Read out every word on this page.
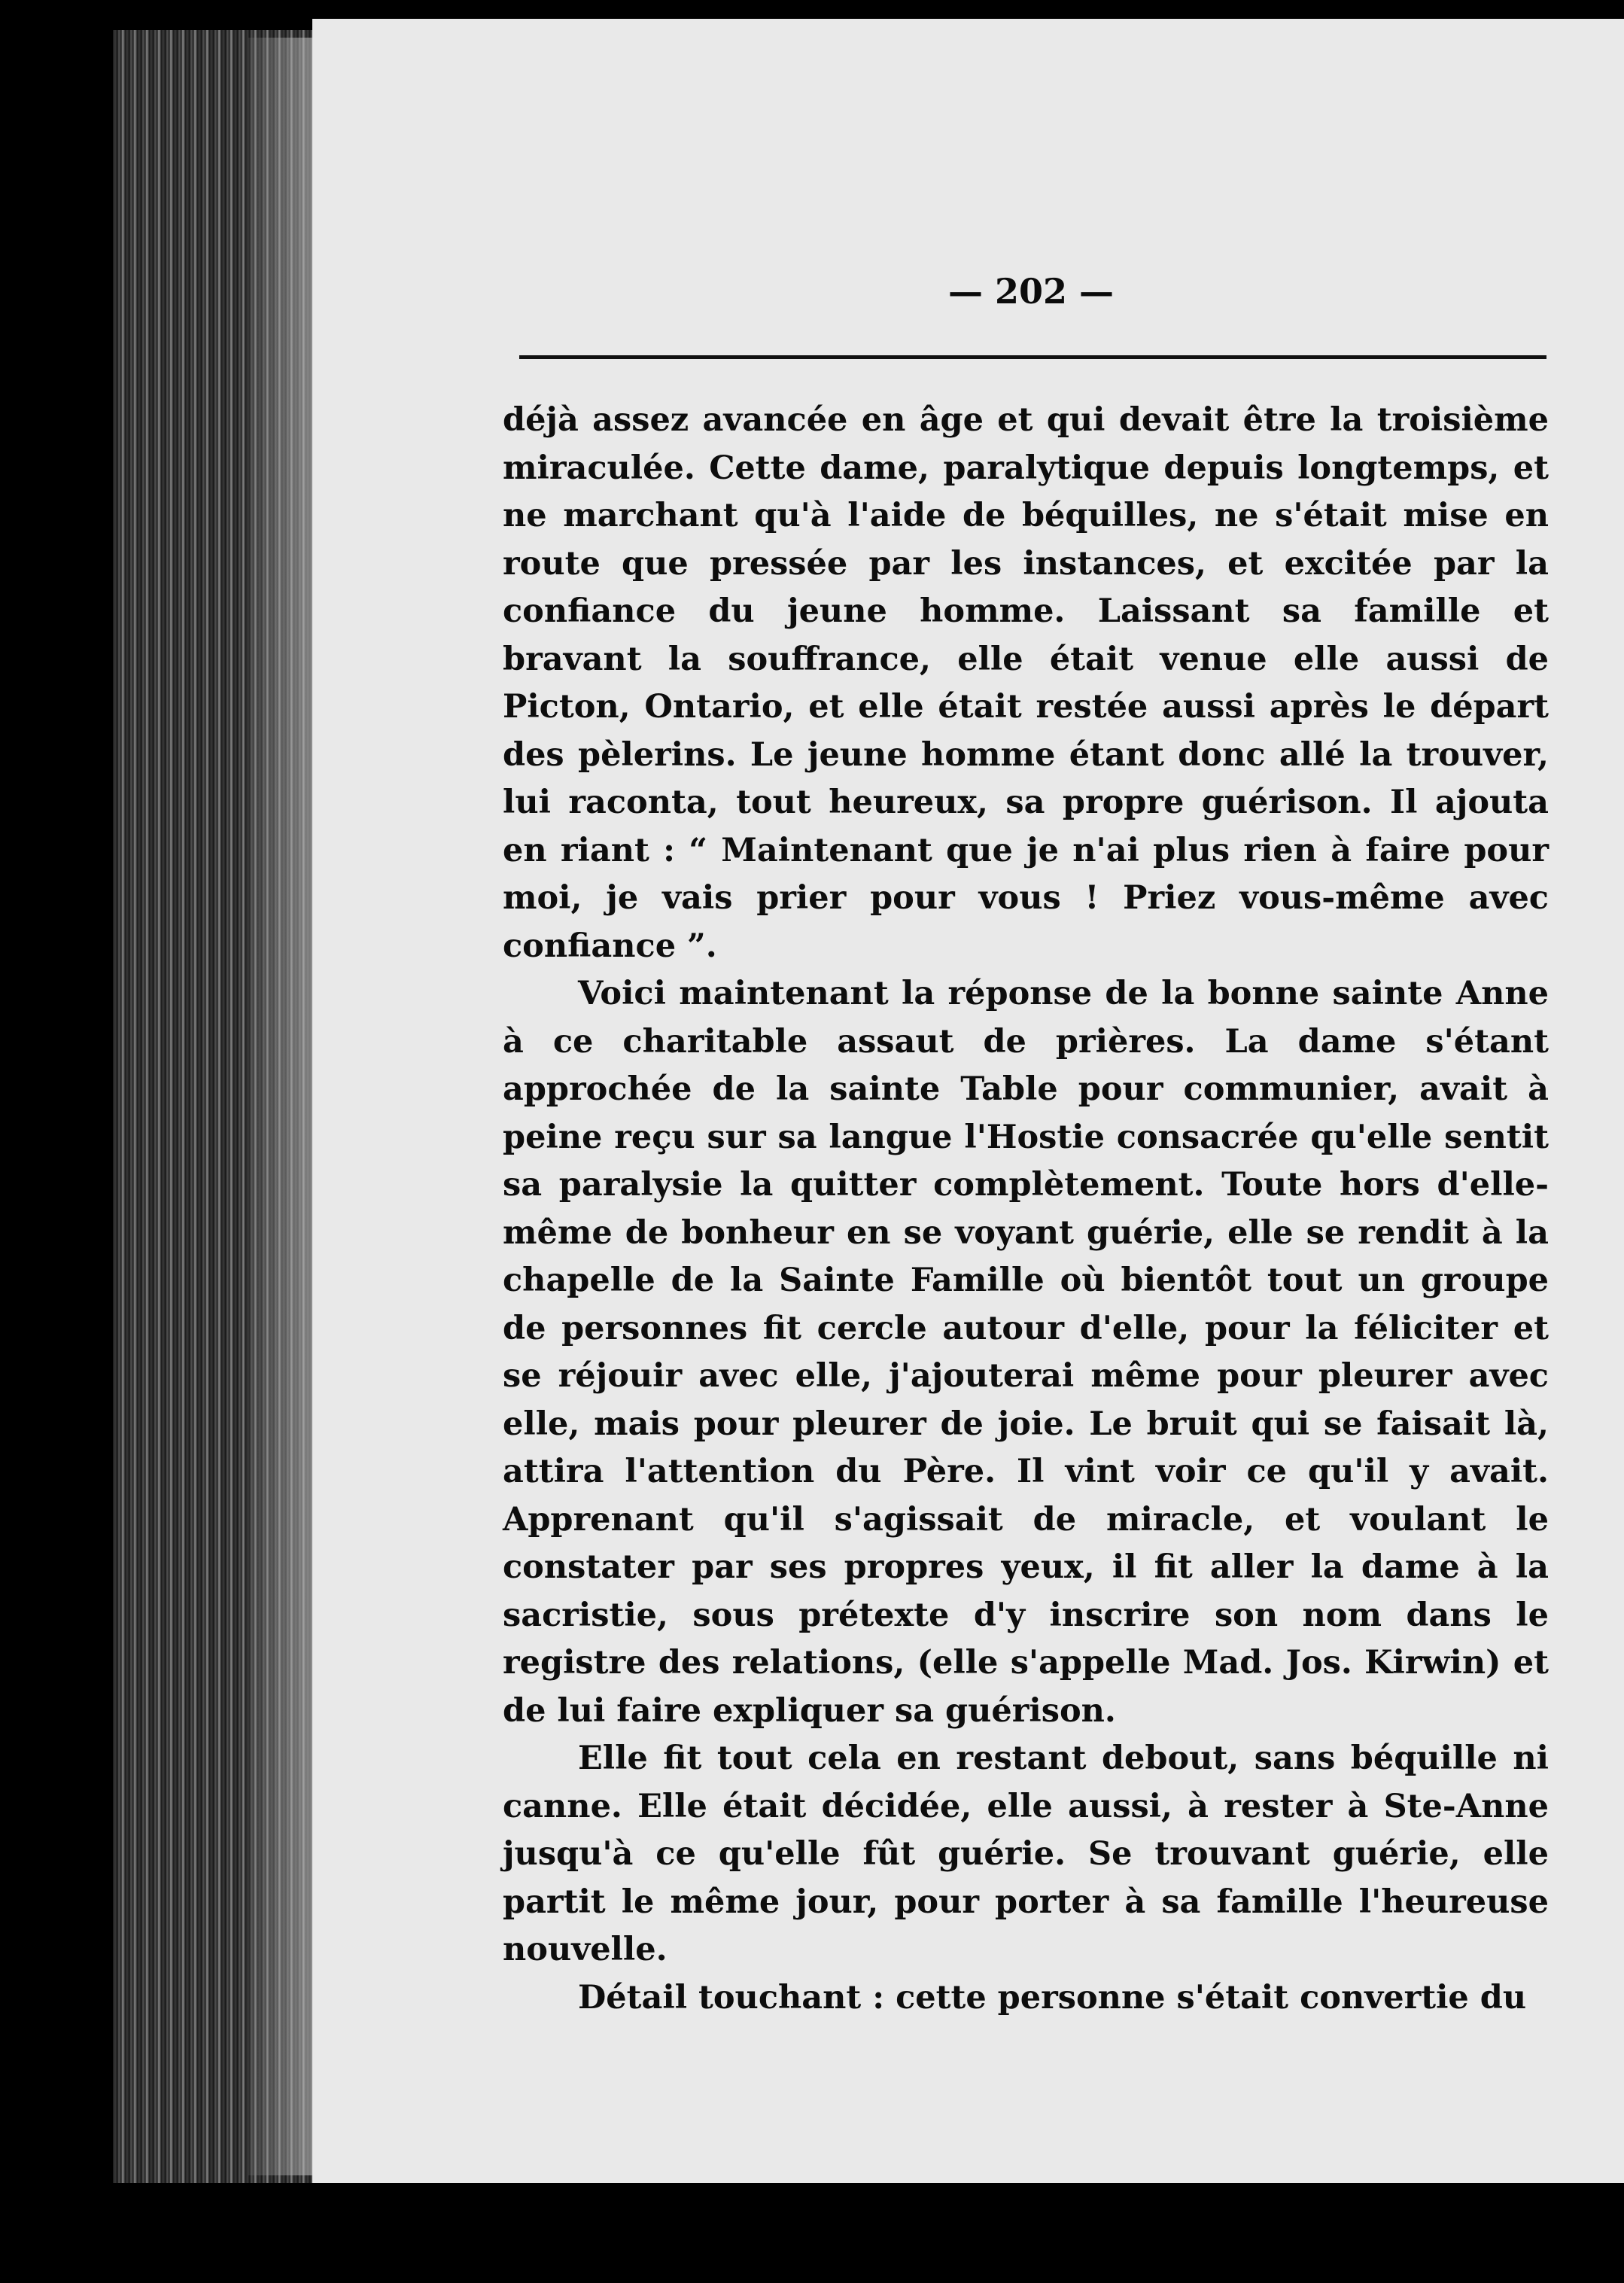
— 202 —

déjà assez avancée en âge et qui devait être la troisième miraculée. Cette dame, paralytique depuis longtemps, et ne marchant qu'à l'aide de béquilles, ne s'était mise en route que pressée par les instances, et excitée par la confiance du jeune homme. Laissant sa famille et bravant la souffrance, elle était venue elle aussi de Picton, Ontario, et elle était restée aussi après le départ des pèlerins. Le jeune homme étant donc allé la trouver, lui raconta, tout heureux, sa propre guérison. Il ajouta en riant : “ Maintenant que je n'ai plus rien à faire pour moi, je vais prier pour vous ! Priez vous-même avec confiance ”.

Voici maintenant la réponse de la bonne sainte Anne à ce charitable assaut de prières. La dame s'étant approchée de la sainte Table pour communier, avait à peine reçu sur sa langue l'Hostie consacrée qu'elle sentit sa paralysie la quitter complètement. Toute hors d'elle-même de bonheur en se voyant guérie, elle se rendit à la chapelle de la Sainte Famille où bientôt tout un groupe de personnes fit cercle autour d'elle, pour la féliciter et se réjouir avec elle, j'ajouterai même pour pleurer avec elle, mais pour pleurer de joie. Le bruit qui se faisait là, attira l'attention du Père. Il vint voir ce qu'il y avait. Apprenant qu'il s'agissait de miracle, et voulant le constater par ses propres yeux, il fit aller la dame à la sacristie, sous prétexte d'y inscrire son nom dans le registre des relations, (elle s'appelle Mad. Jos. Kirwin) et de lui faire expliquer sa guérison.

Elle fit tout cela en restant debout, sans béquille ni canne. Elle était décidée, elle aussi, à rester à Ste-Anne jusqu'à ce qu'elle fût guérie. Se trouvant guérie, elle partit le même jour, pour porter à sa famille l'heureuse nouvelle.

Détail touchant : cette personne s'était convertie du
